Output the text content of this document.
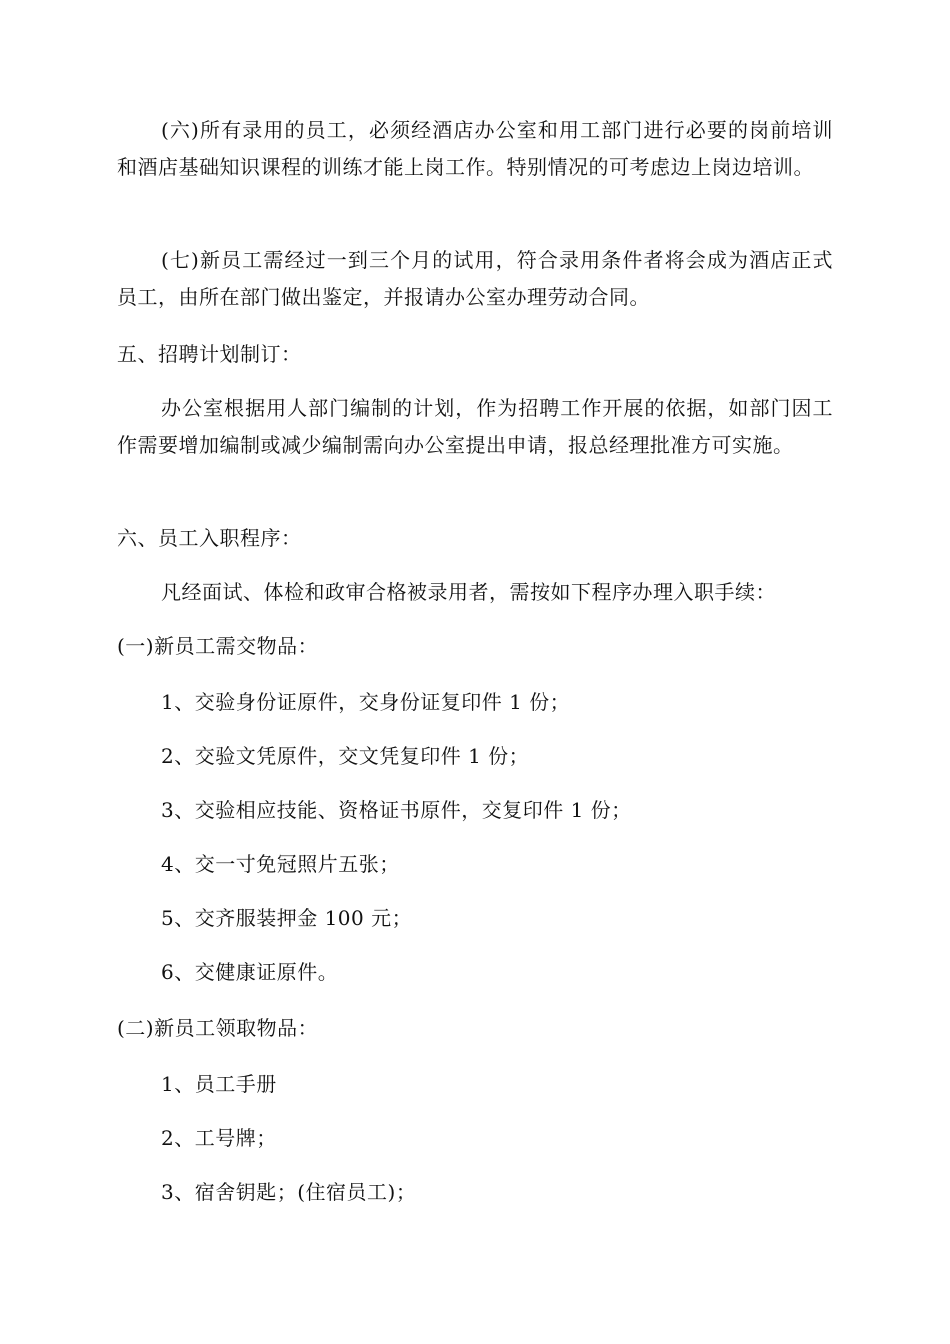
(六)所有录用的员工，必须经酒店办公室和用工部门进行必要的岗前培训和酒店基础知识课程的训练才能上岗工作。特别情况的可考虑边上岗边培训。

(七)新员工需经过一到三个月的试用，符合录用条件者将会成为酒店正式员工，由所在部门做出鉴定，并报请办公室办理劳动合同。

五、招聘计划制订：

办公室根据用人部门编制的计划，作为招聘工作开展的依据，如部门因工作需要增加编制或减少编制需向办公室提出申请，报总经理批准方可实施。

六、员工入职程序：

凡经面试、体检和政审合格被录用者，需按如下程序办理入职手续：

(一)新员工需交物品：

1、交验身份证原件，交身份证复印件 1 份；

2、交验文凭原件，交文凭复印件 1 份；

3、交验相应技能、资格证书原件，交复印件 1 份；

4、交一寸免冠照片五张；

5、交齐服装押金 100 元；

6、交健康证原件。

(二)新员工领取物品：

1、员工手册

2、工号牌；

3、宿舍钥匙；(住宿员工)；
